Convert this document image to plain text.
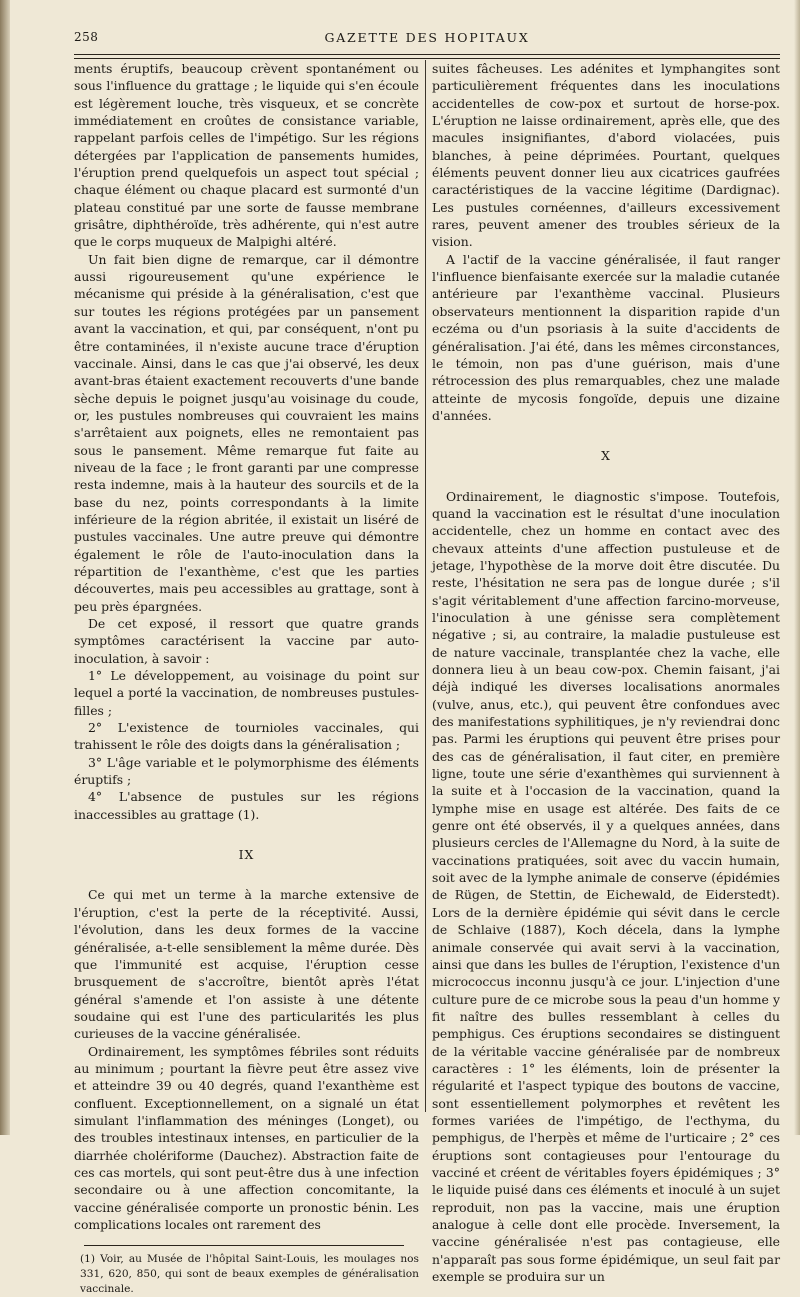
258	GAZETTE DES HOPITAUX

ments éruptifs, beaucoup crèvent spontanément ou sous l'influence du grattage ; le liquide qui s'en écoule est légèrement louche, très visqueux, et se concrète immédiatement en croûtes de consistance variable, rappelant parfois celles de l'impétigo. Sur les régions détergées par l'application de pansements humides, l'éruption prend quelquefois un aspect tout spécial ; chaque élément ou chaque placard est surmonté d'un plateau constitué par une sorte de fausse membrane grisâtre, diphthéroïde, très adhérente, qui n'est autre que le corps muqueux de Malpighi altéré.

Un fait bien digne de remarque, car il démontre aussi rigoureusement qu'une expérience le mécanisme qui préside à la généralisation, c'est que sur toutes les régions protégées par un pansement avant la vaccination, et qui, par conséquent, n'ont pu être contaminées, il n'existe aucune trace d'éruption vaccinale. Ainsi, dans le cas que j'ai observé, les deux avant-bras étaient exactement recouverts d'une bande sèche depuis le poignet jusqu'au voisinage du coude, or, les pustules nombreuses qui couvraient les mains s'arrêtaient aux poignets, elles ne remontaient pas sous le pansement. Même remarque fut faite au niveau de la face ; le front garanti par une compresse resta indemne, mais à la hauteur des sourcils et de la base du nez, points correspondants à la limite inférieure de la région abritée, il existait un liséré de pustules vaccinales. Une autre preuve qui démontre également le rôle de l'auto-inoculation dans la répartition de l'exanthème, c'est que les parties découvertes, mais peu accessibles au grattage, sont à peu près épargnées.

De cet exposé, il ressort que quatre grands symptômes caractérisent la vaccine par auto-inoculation, à savoir :

1° Le développement, au voisinage du point sur lequel a porté la vaccination, de nombreuses pustules-filles ;

2° L'existence de tournioles vaccinales, qui trahissent le rôle des doigts dans la généralisation ;

3° L'âge variable et le polymorphisme des éléments éruptifs ;

4° L'absence de pustules sur les régions inaccessibles au grattage (1).

IX

Ce qui met un terme à la marche extensive de l'éruption, c'est la perte de la réceptivité. Aussi, l'évolution, dans les deux formes de la vaccine généralisée, a-t-elle sensiblement la même durée. Dès que l'immunité est acquise, l'éruption cesse brusquement de s'accroître, bientôt après l'état général s'amende et l'on assiste à une détente soudaine qui est l'une des particularités les plus curieuses de la vaccine généralisée.

Ordinairement, les symptômes fébriles sont réduits au minimum ; pourtant la fièvre peut être assez vive et atteindre 39 ou 40 degrés, quand l'exanthème est confluent. Exceptionnellement, on a signalé un état simulant l'inflammation des méninges (Longet), ou des troubles intestinaux intenses, en particulier de la diarrhée cholériforme (Dauchez). Abstraction faite de ces cas mortels, qui sont peut-être dus à une infection secondaire ou à une affection concomitante, la vaccine généralisée comporte un pronostic bénin. Les complications locales ont rarement des

(1) Voir, au Musée de l'hôpital Saint-Louis, les moulages nos 331, 620, 850, qui sont de beaux exemples de généralisation vaccinale.

suites fâcheuses. Les adénites et lymphangites sont particulièrement fréquentes dans les inoculations accidentelles de cow-pox et surtout de horse-pox. L'éruption ne laisse ordinairement, après elle, que des macules insignifiantes, d'abord violacées, puis blanches, à peine déprimées. Pourtant, quelques éléments peuvent donner lieu aux cicatrices gaufrées caractéristiques de la vaccine légitime (Dardignac). Les pustules cornéennes, d'ailleurs excessivement rares, peuvent amener des troubles sérieux de la vision.

A l'actif de la vaccine généralisée, il faut ranger l'influence bienfaisante exercée sur la maladie cutanée antérieure par l'exanthème vaccinal. Plusieurs observateurs mentionnent la disparition rapide d'un eczéma ou d'un psoriasis à la suite d'accidents de généralisation. J'ai été, dans les mêmes circonstances, le témoin, non pas d'une guérison, mais d'une rétrocession des plus remarquables, chez une malade atteinte de mycosis fongoïde, depuis une dizaine d'années.

X

Ordinairement, le diagnostic s'impose. Toutefois, quand la vaccination est le résultat d'une inoculation accidentelle, chez un homme en contact avec des chevaux atteints d'une affection pustuleuse et de jetage, l'hypothèse de la morve doit être discutée. Du reste, l'hésitation ne sera pas de longue durée ; s'il s'agit véritablement d'une affection farcino-morveuse, l'inoculation à une génisse sera complètement négative ; si, au contraire, la maladie pustuleuse est de nature vaccinale, transplantée chez la vache, elle donnera lieu à un beau cow-pox. Chemin faisant, j'ai déjà indiqué les diverses localisations anormales (vulve, anus, etc.), qui peuvent être confondues avec des manifestations syphilitiques, je n'y reviendrai donc pas. Parmi les éruptions qui peuvent être prises pour des cas de généralisation, il faut citer, en première ligne, toute une série d'exanthèmes qui surviennent à la suite et à l'occasion de la vaccination, quand la lymphe mise en usage est altérée. Des faits de ce genre ont été observés, il y a quelques années, dans plusieurs cercles de l'Allemagne du Nord, à la suite de vaccinations pratiquées, soit avec du vaccin humain, soit avec de la lymphe animale de conserve (épidémies de Rügen, de Stettin, de Eichewald, de Eiderstedt). Lors de la dernière épidémie qui sévit dans le cercle de Schlaive (1887), Koch décela, dans la lymphe animale conservée qui avait servi à la vaccination, ainsi que dans les bulles de l'éruption, l'existence d'un micrococcus inconnu jusqu'à ce jour. L'injection d'une culture pure de ce microbe sous la peau d'un homme y fit naître des bulles ressemblant à celles du pemphigus. Ces éruptions secondaires se distinguent de la véritable vaccine généralisée par de nombreux caractères : 1° les éléments, loin de présenter la régularité et l'aspect typique des boutons de vaccine, sont essentiellement polymorphes et revêtent les formes variées de l'impétigo, de l'ecthyma, du pemphigus, de l'herpès et même de l'urticaire ; 2° ces éruptions sont contagieuses pour l'entourage du vacciné et créent de véritables foyers épidémiques ; 3° le liquide puisé dans ces éléments et inoculé à un sujet reproduit, non pas la vaccine, mais une éruption analogue à celle dont elle procède. Inversement, la vaccine généralisée n'est pas contagieuse, elle n'apparaît pas sous forme épidémique, un seul fait par exemple se produira sur un
